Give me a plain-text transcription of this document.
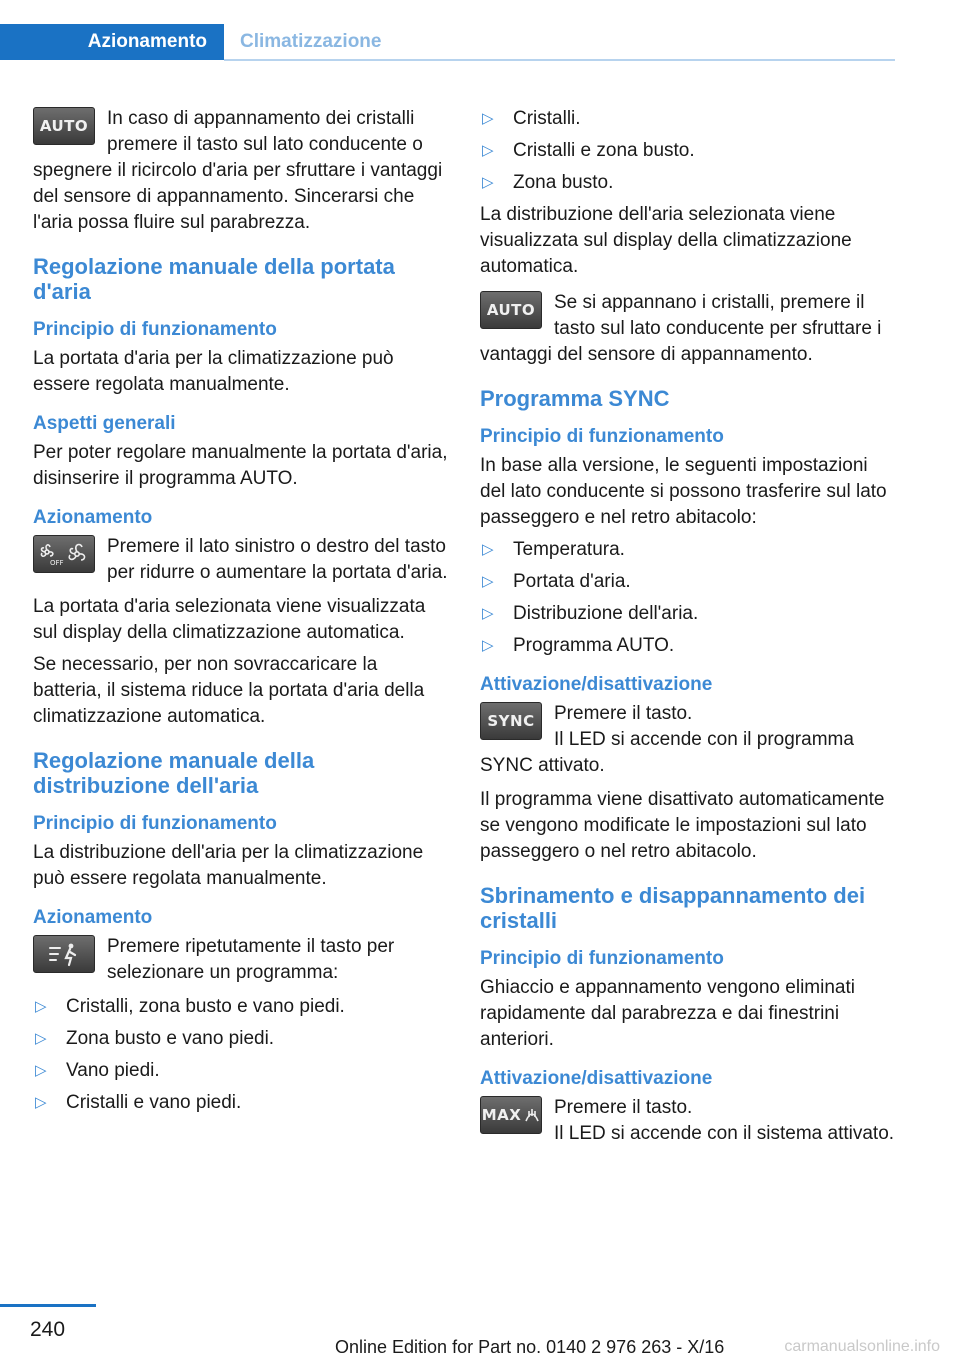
Azionamento	Climatizzazione
AUTO In caso di appannamento dei cristalli premere il tasto sul lato conducente o spegnere il ricircolo d'aria per sfruttare i vantaggi del sensore di appannamento. Sincerarsi che l'aria possa fluire sul parabrezza.
Regolazione manuale della portata d'aria
Principio di funzionamento

La portata d'aria per la climatizzazione può essere regolata manualmente.

Aspetti generali

Per poter regolare manualmente la portata d'aria, disinserire il programma AUTO.

Azionamento
OFF
Premere il lato sinistro o destro del tasto per ridurre o aumentare la portata d'aria.

La portata d'aria selezionata viene visualizzata sul display della climatizzazione automatica.

Se necessario, per non sovraccaricare la batteria, il sistema riduce la portata d'aria della climatizzazione automatica.

Regolazione manuale della distribuzione dell'aria
Principio di funzionamento

La distribuzione dell'aria per la climatizzazione può essere regolata manualmente.

Azionamento
Premere ripetutamente il tasto per selezionare un programma:
▷ Cristalli, zona busto e vano piedi.
▷ Zona busto e vano piedi.
▷ Vano piedi.
▷ Cristalli e vano piedi.
▷ Cristalli.
▷ Cristalli e zona busto.
▷ Zona busto.

La distribuzione dell'aria selezionata viene visualizzata sul display della climatizzazione automatica.

AUTO Se si appannano i cristalli, premere il tasto sul lato conducente per sfruttare i vantaggi del sensore di appannamento.
Programma SYNC
Principio di funzionamento

In base alla versione, le seguenti impostazioni del lato conducente si possono trasferire sul lato passeggero e nel retro abitacolo:

▷ Temperatura.
▷ Portata d'aria.
▷ Distribuzione dell'aria.
▷ Programma AUTO.
Attivazione/disattivazione
SYNC Premere il tasto.
Il LED si accende con il programma SYNC attivato.

Il programma viene disattivato automaticamente se vengono modificate le impostazioni sul lato passeggero o nel retro abitacolo.

Sbrinamento e disappannamento dei cristalli
Principio di funzionamento

Ghiaccio e appannamento vengono eliminati rapidamente dal parabrezza e dai finestrini anteriori.

Attivazione/disattivazione
MAX Premere il tasto.
Il LED si accende con il sistema attivato.
240
Online Edition for Part no. 0140 2 976 263 - X/16	carmanualsonline.info
